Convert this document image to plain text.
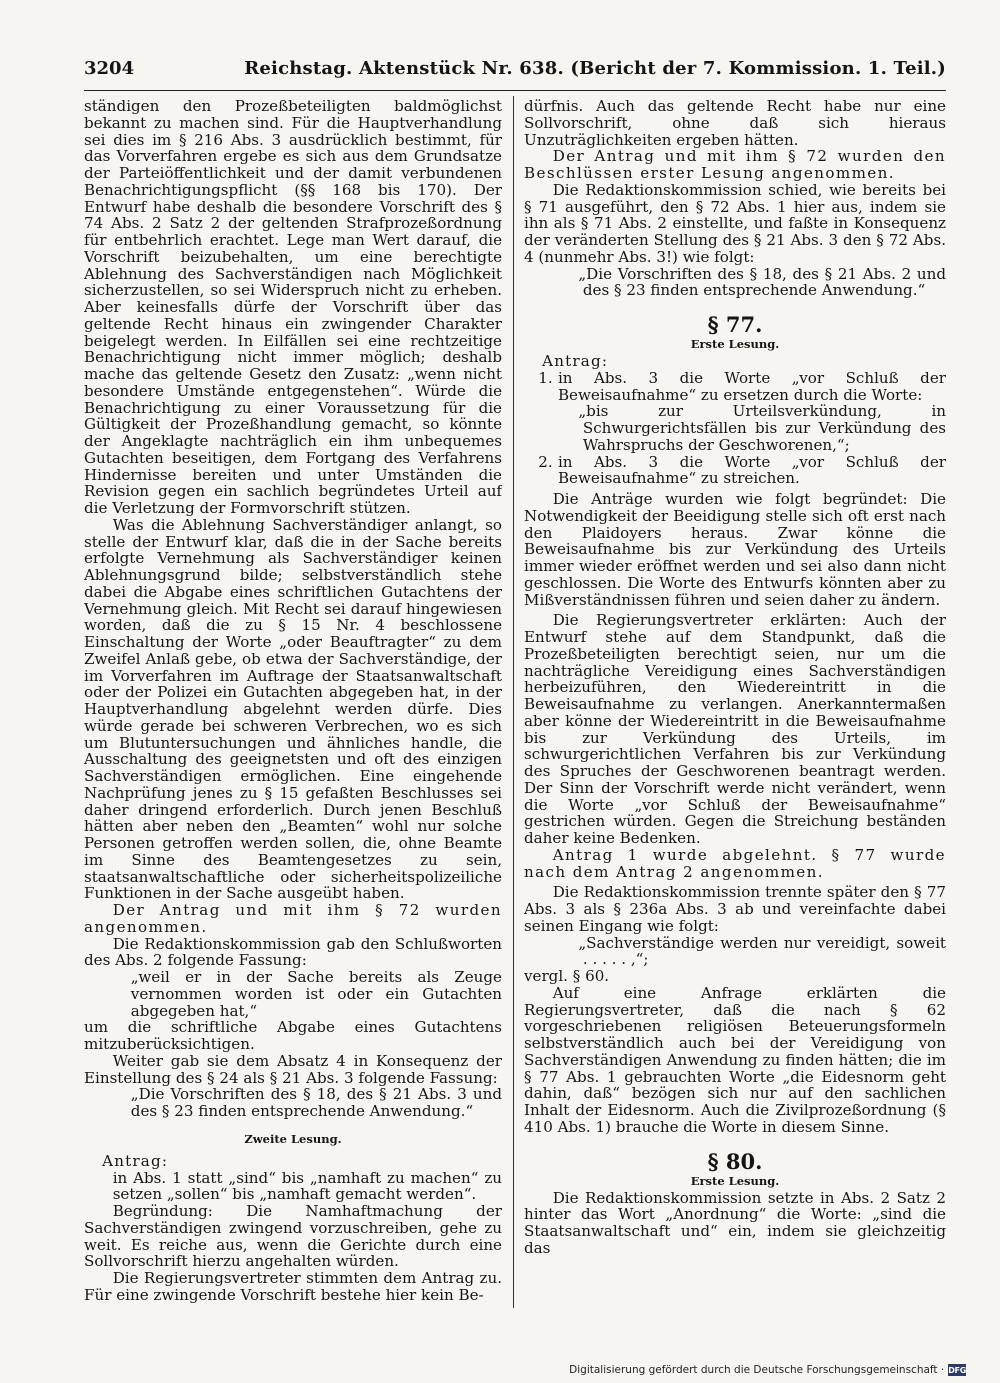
3204	Reichstag. Aktenstück Nr. 638. (Bericht der 7. Kommission. 1. Teil.)

ständigen den Prozeßbeteiligten baldmöglichst bekannt zu machen sind. Für die Hauptverhandlung sei dies im § 216 Abs. 3 ausdrücklich bestimmt, für das Vorverfahren ergebe es sich aus dem Grundsatze der Parteiöffentlichkeit und der damit verbundenen Benachrichtigungspflicht (§§ 168 bis 170). Der Entwurf habe deshalb die besondere Vorschrift des § 74 Abs. 2 Satz 2 der geltenden Strafprozeßordnung für entbehrlich erachtet. Lege man Wert darauf, die Vorschrift beizubehalten, um eine berechtigte Ablehnung des Sachverständigen nach Möglichkeit sicherzustellen, so sei Widerspruch nicht zu erheben. Aber keinesfalls dürfe der Vorschrift über das geltende Recht hinaus ein zwingender Charakter beigelegt werden. In Eilfällen sei eine rechtzeitige Benachrichtigung nicht immer möglich; deshalb mache das geltende Gesetz den Zusatz: „wenn nicht besondere Umstände entgegenstehen“. Würde die Benachrichtigung zu einer Voraussetzung für die Gültigkeit der Prozeßhandlung gemacht, so könnte der Angeklagte nachträglich ein ihm unbequemes Gutachten beseitigen, dem Fortgang des Verfahrens Hindernisse bereiten und unter Umständen die Revision gegen ein sachlich begründetes Urteil auf die Verletzung der Formvorschrift stützen.

Was die Ablehnung Sachverständiger anlangt, so stelle der Entwurf klar, daß die in der Sache bereits erfolgte Vernehmung als Sachverständiger keinen Ablehnungsgrund bilde; selbstverständlich stehe dabei die Abgabe eines schriftlichen Gutachtens der Vernehmung gleich. Mit Recht sei darauf hingewiesen worden, daß die zu § 15 Nr. 4 beschlossene Einschaltung der Worte „oder Beauftragter“ zu dem Zweifel Anlaß gebe, ob etwa der Sachverständige, der im Vorverfahren im Auftrage der Staatsanwaltschaft oder der Polizei ein Gutachten abgegeben hat, in der Hauptverhandlung abgelehnt werden dürfe. Dies würde gerade bei schweren Verbrechen, wo es sich um Blutuntersuchungen und ähnliches handle, die Ausschaltung des geeignetsten und oft des einzigen Sachverständigen ermöglichen. Eine eingehende Nachprüfung jenes zu § 15 gefaßten Beschlusses sei daher dringend erforderlich. Durch jenen Beschluß hätten aber neben den „Beamten“ wohl nur solche Personen getroffen werden sollen, die, ohne Beamte im Sinne des Beamtengesetzes zu sein, staatsanwaltschaftliche oder sicherheitspolizeiliche Funktionen in der Sache ausgeübt haben.

Der Antrag und mit ihm § 72 wurden angenommen.

Die Redaktionskommission gab den Schlußworten des Abs. 2 folgende Fassung:

„weil er in der Sache bereits als Zeuge vernommen worden ist oder ein Gutachten abgegeben hat,“

um die schriftliche Abgabe eines Gutachtens mitzuberücksichtigen.

Weiter gab sie dem Absatz 4 in Konsequenz der Einstellung des § 24 als § 21 Abs. 3 folgende Fassung:

„Die Vorschriften des § 18, des § 21 Abs. 3 und des § 23 finden entsprechende Anwendung.“

Zweite Lesung.

Antrag:

in Abs. 1 statt „sind“ bis „namhaft zu machen“ zu setzen „sollen“ bis „namhaft gemacht werden“.

Begründung: Die Namhaftmachung der Sachverständigen zwingend vorzuschreiben, gehe zu weit. Es reiche aus, wenn die Gerichte durch eine Sollvorschrift hierzu angehalten würden.

Die Regierungsvertreter stimmten dem Antrag zu. Für eine zwingende Vorschrift bestehe hier kein Be-

dürfnis. Auch das geltende Recht habe nur eine Sollvorschrift, ohne daß sich hieraus Unzuträglichkeiten ergeben hätten.

Der Antrag und mit ihm § 72 wurden den Beschlüssen erster Lesung angenommen.

Die Redaktionskommission schied, wie bereits bei § 71 ausgeführt, den § 72 Abs. 1 hier aus, indem sie ihn als § 71 Abs. 2 einstellte, und faßte in Konsequenz der veränderten Stellung des § 21 Abs. 3 den § 72 Abs. 4 (nunmehr Abs. 3!) wie folgt:

„Die Vorschriften des § 18, des § 21 Abs. 2 und des § 23 finden entsprechende Anwendung.“

§ 77.

Erste Lesung.

Antrag:

1. in Abs. 3 die Worte „vor Schluß der Beweisaufnahme“ zu ersetzen durch die Worte:

„bis zur Urteilsverkündung, in Schwurgerichtsfällen bis zur Verkündung des Wahrspruchs der Geschworenen,“;

2. in Abs. 3 die Worte „vor Schluß der Beweisaufnahme“ zu streichen.

Die Anträge wurden wie folgt begründet: Die Notwendigkeit der Beeidigung stelle sich oft erst nach den Plaidoyers heraus. Zwar könne die Beweisaufnahme bis zur Verkündung des Urteils immer wieder eröffnet werden und sei also dann nicht geschlossen. Die Worte des Entwurfs könnten aber zu Mißverständnissen führen und seien daher zu ändern.

Die Regierungsvertreter erklärten: Auch der Entwurf stehe auf dem Standpunkt, daß die Prozeßbeteiligten berechtigt seien, nur um die nachträgliche Vereidigung eines Sachverständigen herbeizuführen, den Wiedereintritt in die Beweisaufnahme zu verlangen. Anerkanntermaßen aber könne der Wiedereintritt in die Beweisaufnahme bis zur Verkündung des Urteils, im schwurgerichtlichen Verfahren bis zur Verkündung des Spruches der Geschworenen beantragt werden. Der Sinn der Vorschrift werde nicht verändert, wenn die Worte „vor Schluß der Beweisaufnahme“ gestrichen würden. Gegen die Streichung beständen daher keine Bedenken.

Antrag 1 wurde abgelehnt. § 77 wurde nach dem Antrag 2 angenommen.

Die Redaktionskommission trennte später den § 77 Abs. 3 als § 236a Abs. 3 ab und vereinfachte dabei seinen Eingang wie folgt:

„Sachverständige werden nur vereidigt, soweit . . . . . ,“;

vergl. § 60.

Auf eine Anfrage erklärten die Regierungsvertreter, daß die nach § 62 vorgeschriebenen religiösen Beteuerungsformeln selbstverständlich auch bei der Vereidigung von Sachverständigen Anwendung zu finden hätten; die im § 77 Abs. 1 gebrauchten Worte „die Eidesnorm geht dahin, daß“ bezögen sich nur auf den sachlichen Inhalt der Eidesnorm. Auch die Zivilprozeßordnung (§ 410 Abs. 1) brauche die Worte in diesem Sinne.

§ 80.

Erste Lesung.

Die Redaktionskommission setzte in Abs. 2 Satz 2 hinter das Wort „Anordnung“ die Worte: „sind die Staatsanwaltschaft und“ ein, indem sie gleichzeitig das

Digitalisierung gefördert durch die Deutsche Forschungsgemeinschaft · DFG
